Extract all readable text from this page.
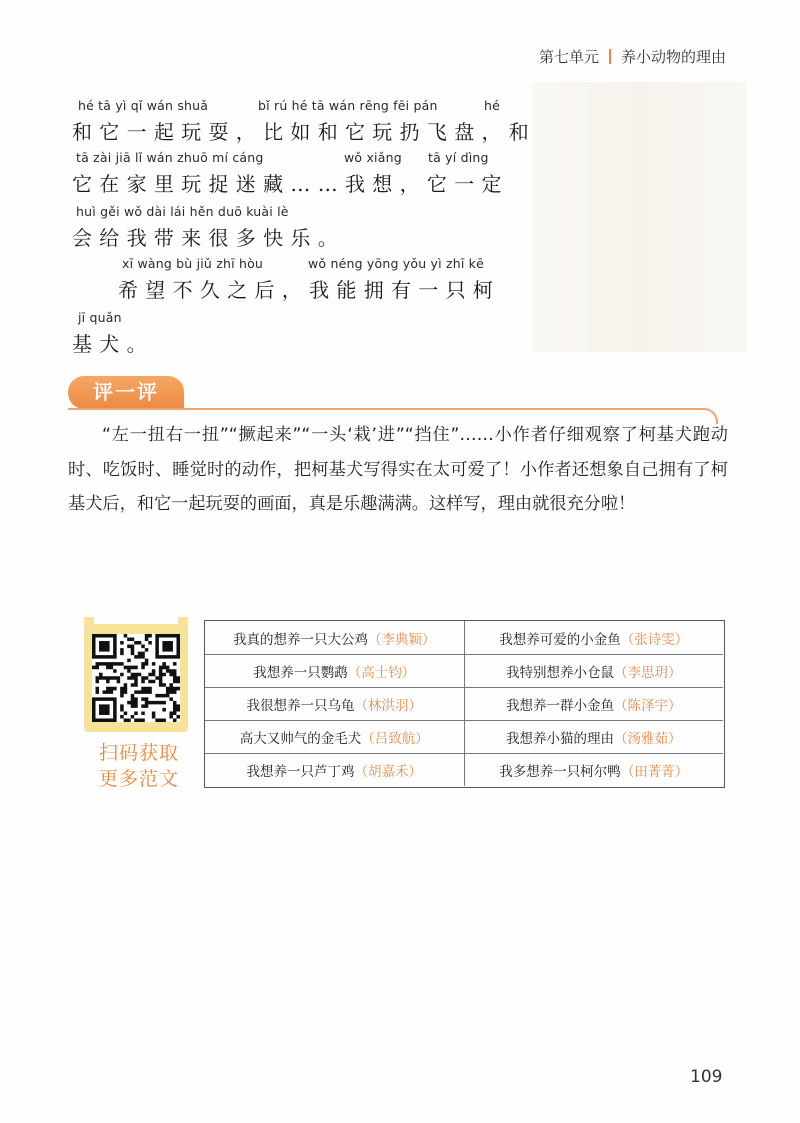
第七单元 养小动物的理由
hé tā yì qǐ wán shuǎ	bǐ rú hé tā wán rēng fēi pán	hé
和它一起玩耍，比如和它玩扔飞盘，和
tā zài jiā lǐ wán zhuō mí cáng	wǒ xiǎng tā yí dìng
它在家里玩捉迷藏……我想，它一定
huì gěi wǒ dài lái hěn duō kuài lè
会给我带来很多快乐。
xī wàng bù jiǔ zhī hòu	wǒ néng yōng yǒu yì zhī kē
希望不久之后，我能拥有一只柯
jī quǎn
基犬。
评一评
“左一扭右一扭”“撅起来”“一头‘栽’进”“挡住”……小作者仔细观察了柯基犬跑动时、吃饭时、睡觉时的动作，把柯基犬写得实在太可爱了！小作者还想象自己拥有了柯基犬后，和它一起玩耍的画面，真是乐趣满满。这样写，理由就很充分啦！
扫码获取
更多范文
我真的想养一只大公鸡 （李典颖）	我想养可爱的小金鱼 （张诗雯）
我想养一只鹦鹉 （高士钧）	我特别想养小仓鼠 （李思玥）
我很想养一只乌龟 （林洪羽）	我想养一群小金鱼 （陈泽宇）
高大又帅气的金毛犬 （吕致航）	我想养小猫的理由 （汤雅茹）
我想养一只芦丁鸡 （胡嘉禾）	我多想养一只柯尔鸭 （田菁菁）
109
